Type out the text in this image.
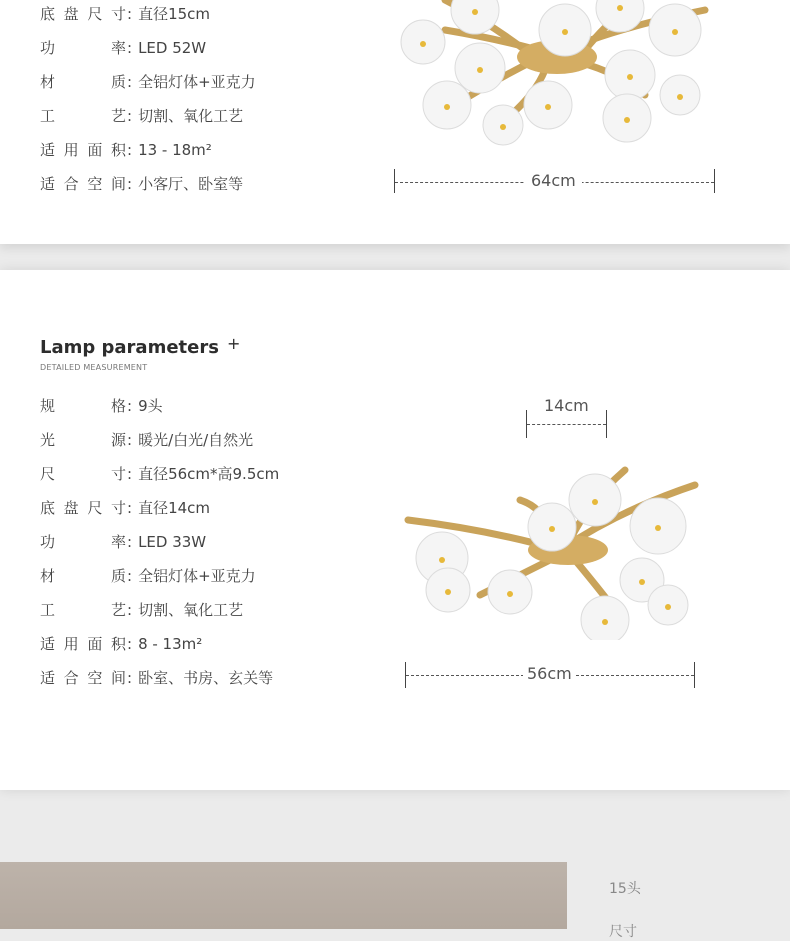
底盘尺寸: 直径15cm
功率: LED 52W
材质: 全铝灯体+亚克力
工艺: 切割、氧化工艺
适用面积: 13 - 18m²
适合空间: 小客厅、卧室等	64cm
Lamp parameters +
DETAILED MEASUREMENT
规格: 9头
光源: 暖光/白光/自然光
尺寸: 直径56cm*高9.5cm
底盘尺寸: 直径14cm
功率: LED 33W
材质: 全铝灯体+亚克力
工艺: 切割、氧化工艺
适用面积: 8 - 13m²
适合空间: 卧室、书房、玄关等
14cm
56cm
15头
尺寸
